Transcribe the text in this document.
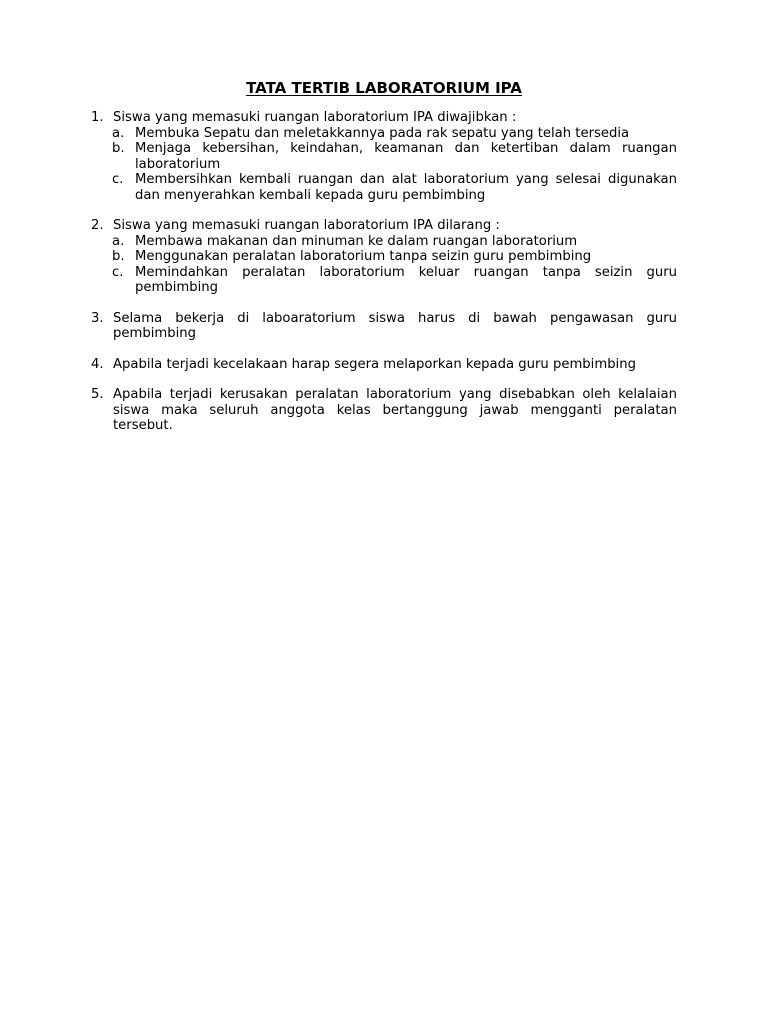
TATA TERTIB LABORATORIUM IPA
1. Siswa yang memasuki ruangan laboratorium IPA diwajibkan :
a. Membuka Sepatu dan meletakkannya pada rak sepatu yang telah tersedia
b. Menjaga kebersihan, keindahan, keamanan dan ketertiban dalam ruangan laboratorium
c. Membersihkan kembali ruangan dan alat laboratorium yang selesai digunakan dan menyerahkan kembali kepada guru pembimbing
2. Siswa yang memasuki ruangan laboratorium IPA dilarang :
a. Membawa makanan dan minuman ke dalam ruangan laboratorium
b. Menggunakan peralatan laboratorium tanpa seizin guru pembimbing
c. Memindahkan peralatan laboratorium keluar ruangan tanpa seizin guru pembimbing
3. Selama bekerja di laboaratorium siswa harus di bawah pengawasan guru pembimbing
4. Apabila terjadi kecelakaan harap segera melaporkan kepada guru pembimbing
5. Apabila terjadi kerusakan peralatan laboratorium yang disebabkan oleh kelalaian siswa maka seluruh anggota kelas bertanggung jawab mengganti peralatan tersebut.
